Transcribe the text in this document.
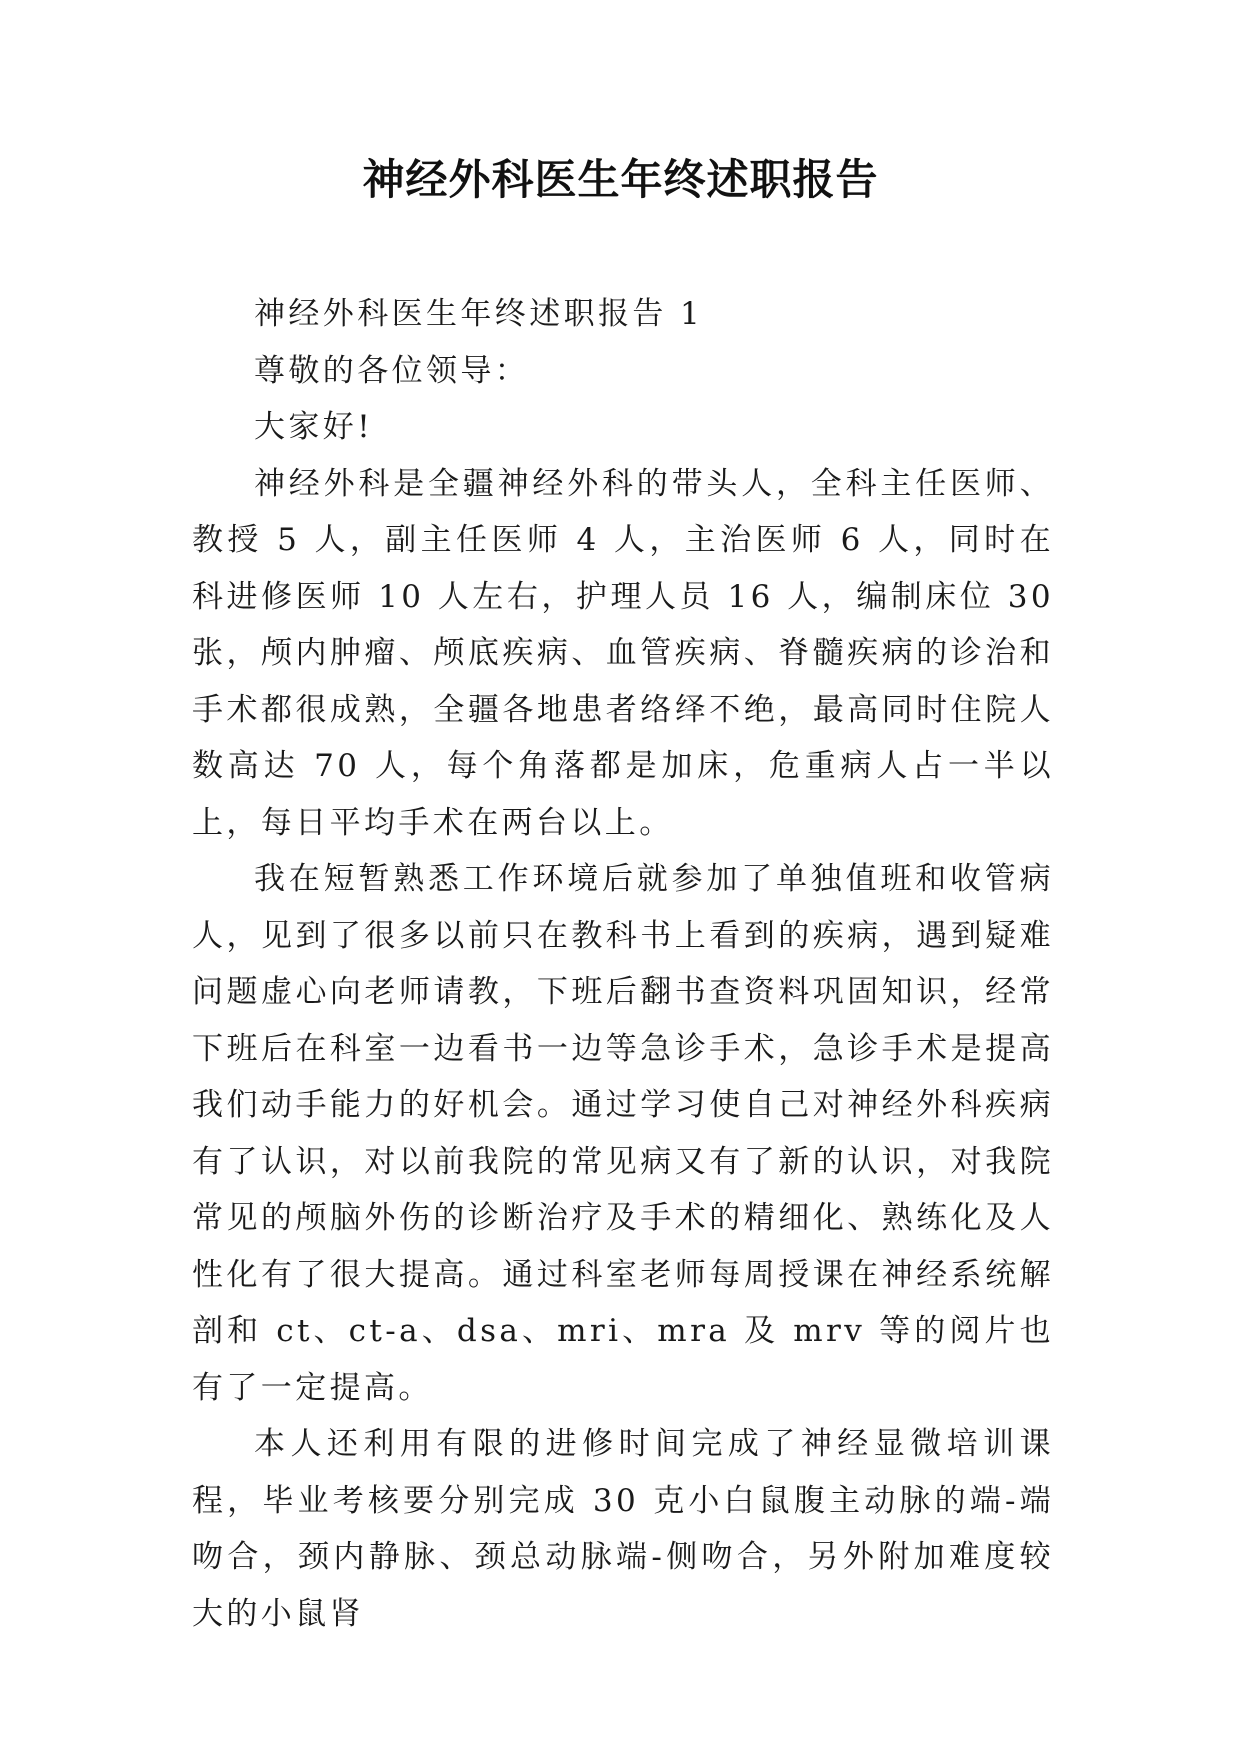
神经外科医生年终述职报告

神经外科医生年终述职报告 1

尊敬的各位领导：

大家好!

神经外科是全疆神经外科的带头人，全科主任医师、教授 5 人，副主任医师 4 人，主治医师 6 人，同时在科进修医师 10 人左右，护理人员 16 人，编制床位 30 张，颅内肿瘤、颅底疾病、血管疾病、脊髓疾病的诊治和手术都很成熟，全疆各地患者络绎不绝，最高同时住院人数高达 70 人，每个角落都是加床，危重病人占一半以上，每日平均手术在两台以上。

我在短暂熟悉工作环境后就参加了单独值班和收管病人，见到了很多以前只在教科书上看到的疾病，遇到疑难问题虚心向老师请教，下班后翻书查资料巩固知识，经常下班后在科室一边看书一边等急诊手术，急诊手术是提高我们动手能力的好机会。通过学习使自己对神经外科疾病有了认识，对以前我院的常见病又有了新的认识，对我院常见的颅脑外伤的诊断治疗及手术的精细化、熟练化及人性化有了很大提高。通过科室老师每周授课在神经系统解剖和 ct、ct-a、dsa、mri、mra 及 mrv 等的阅片也有了一定提高。

本人还利用有限的进修时间完成了神经显微培训课程，毕业考核要分别完成 30 克小白鼠腹主动脉的端-端吻合，颈内静脉、颈总动脉端-侧吻合，另外附加难度较大的小鼠肾
